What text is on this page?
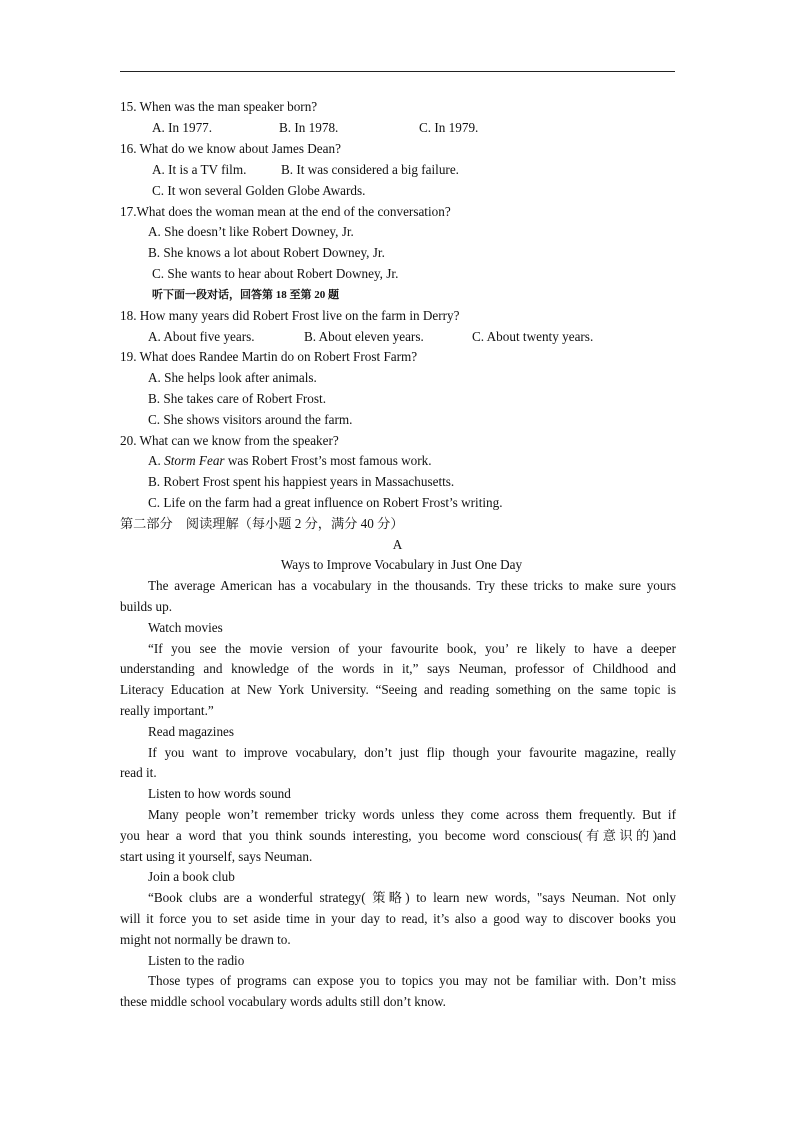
15. When was the man speaker born?
A. In 1977.	B. In 1978.	C. In 1979.
16. What do we know about James Dean?
A. It is a TV film.	B. It was considered a big failure.
C. It won several Golden Globe Awards.
17.What does the woman mean at the end of the conversation?
A. She doesn’t like Robert Downey, Jr.
B. She knows a lot about Robert Downey, Jr.
C. She wants to hear about Robert Downey, Jr.
听下面一段对话，回答第 18 至第 20 题
18. How many years did Robert Frost live on the farm in Derry?
A. About five years.	B. About eleven years.	C. About twenty years.
19. What does Randee Martin do on Robert Frost Farm?
A. She helps look after animals.
B. She takes care of Robert Frost.
C. She shows visitors around the farm.
20. What can we know from the speaker?
A. Storm Fear was Robert Frost’s most famous work.
B. Robert Frost spent his happiest years in Massachusetts.
C. Life on the farm had a great influence on Robert Frost’s writing.
第二部分　阅读理解（每小题 2 分，满分 40 分）
A
Ways to Improve Vocabulary in Just One Day
The average American has a vocabulary in the thousands. Try these tricks to make sure yours
builds up.
Watch movies
“If you see the movie version of your favourite book, you’ re likely to have a deeper
understanding and knowledge of the words in it,” says Neuman, professor of Childhood and
Literacy Education at New York University. “Seeing and reading something on the same topic is
really important.”
Read magazines
If you want to improve vocabulary, don’t just flip though your favourite magazine, really
read it.
Listen to how words sound
Many people won’t remember tricky words unless they come across them frequently. But if
you hear a word that you think sounds interesting, you become word conscious(有意识的)and
start using it yourself, says Neuman.
Join a book club
“Book clubs are a wonderful strategy( 策略) to learn new words, "says Neuman. Not only
will it force you to set aside time in your day to read, it’s also a good way to discover books you
might not normally be drawn to.
Listen to the radio
Those types of programs can expose you to topics you may not be familiar with. Don’t miss
these middle school vocabulary words adults still don’t know.
